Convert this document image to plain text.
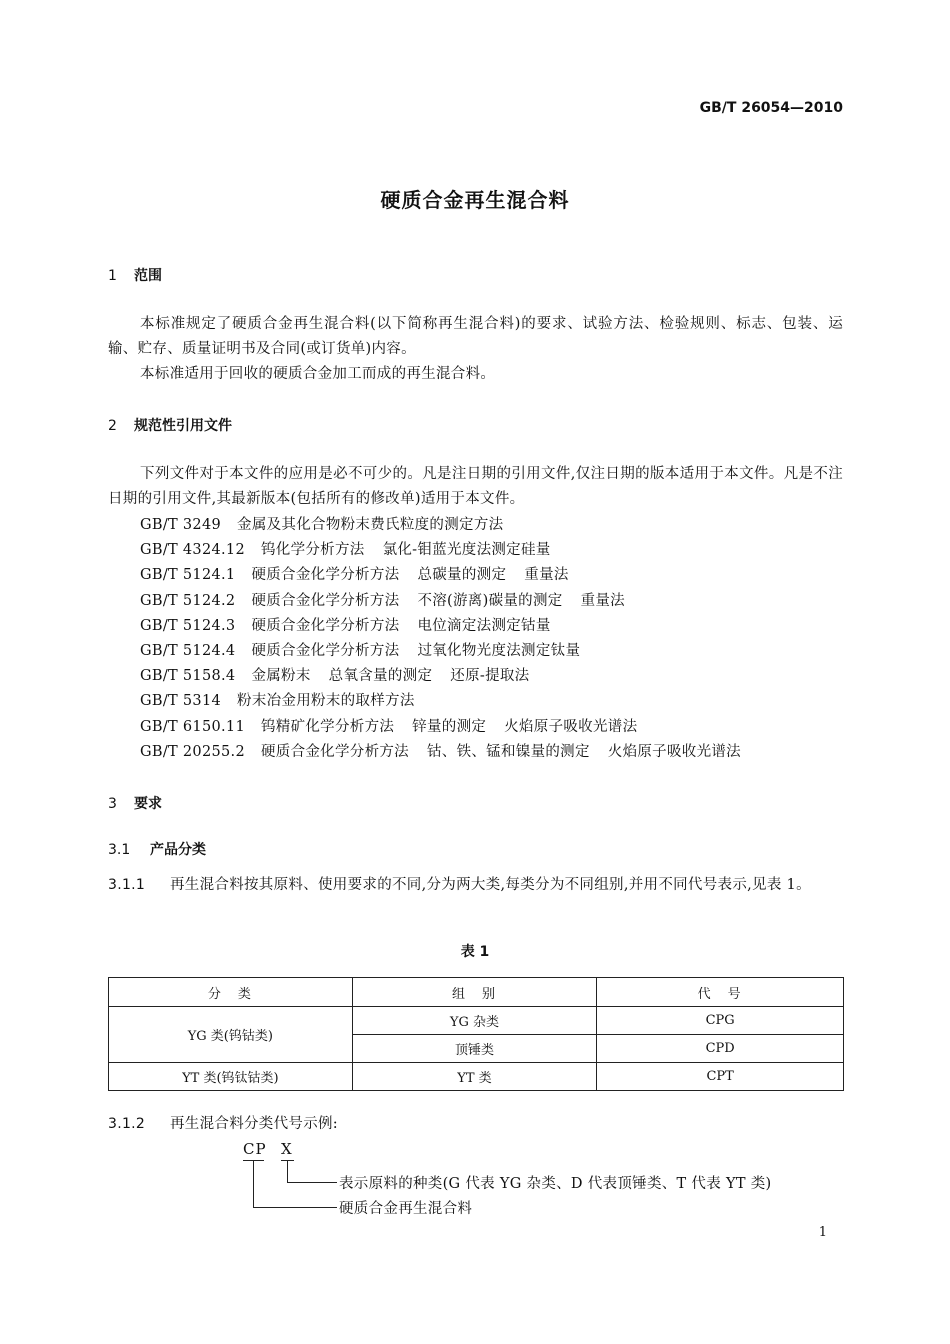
GB/T 26054—2010
硬质合金再生混合料
1 范围

本标准规定了硬质合金再生混合料(以下简称再生混合料)的要求、试验方法、检验规则、标志、包装、运输、贮存、质量证明书及合同(或订货单)内容。

本标准适用于回收的硬质合金加工而成的再生混合料。

2 规范性引用文件

下列文件对于本文件的应用是必不可少的。凡是注日期的引用文件,仅注日期的版本适用于本文件。凡是不注日期的引用文件,其最新版本(包括所有的修改单)适用于本文件。

GB/T 3249 金属及其化合物粉末费氏粒度的测定方法
GB/T 4324.12 钨化学分析方法 氯化-钼蓝光度法测定硅量
GB/T 5124.1 硬质合金化学分析方法 总碳量的测定 重量法
GB/T 5124.2 硬质合金化学分析方法 不溶(游离)碳量的测定 重量法
GB/T 5124.3 硬质合金化学分析方法 电位滴定法测定钴量
GB/T 5124.4 硬质合金化学分析方法 过氧化物光度法测定钛量
GB/T 5158.4 金属粉末 总氧含量的测定 还原-提取法
GB/T 5314 粉末冶金用粉末的取样方法
GB/T 6150.11 钨精矿化学分析方法 锌量的测定 火焰原子吸收光谱法
GB/T 20255.2 硬质合金化学分析方法 钴、铁、锰和镍量的测定 火焰原子吸收光谱法
3 要求
3.1 产品分类

3.1.1 再生混合料按其原料、使用要求的不同,分为两大类,每类分为不同组别,并用不同代号表示,见表 1。

表 1
分　类	组　别	代　号
YG 类(钨钴类)	YG 杂类	CPG
	顶锤类	CPD
YT 类(钨钛钴类)	YT 类	CPT

3.1.2 再生混合料分类代号示例:

CP X
表示原料的种类(G 代表 YG 杂类、D 代表顶锤类、T 代表 YT 类)
硬质合金再生混合料
1
